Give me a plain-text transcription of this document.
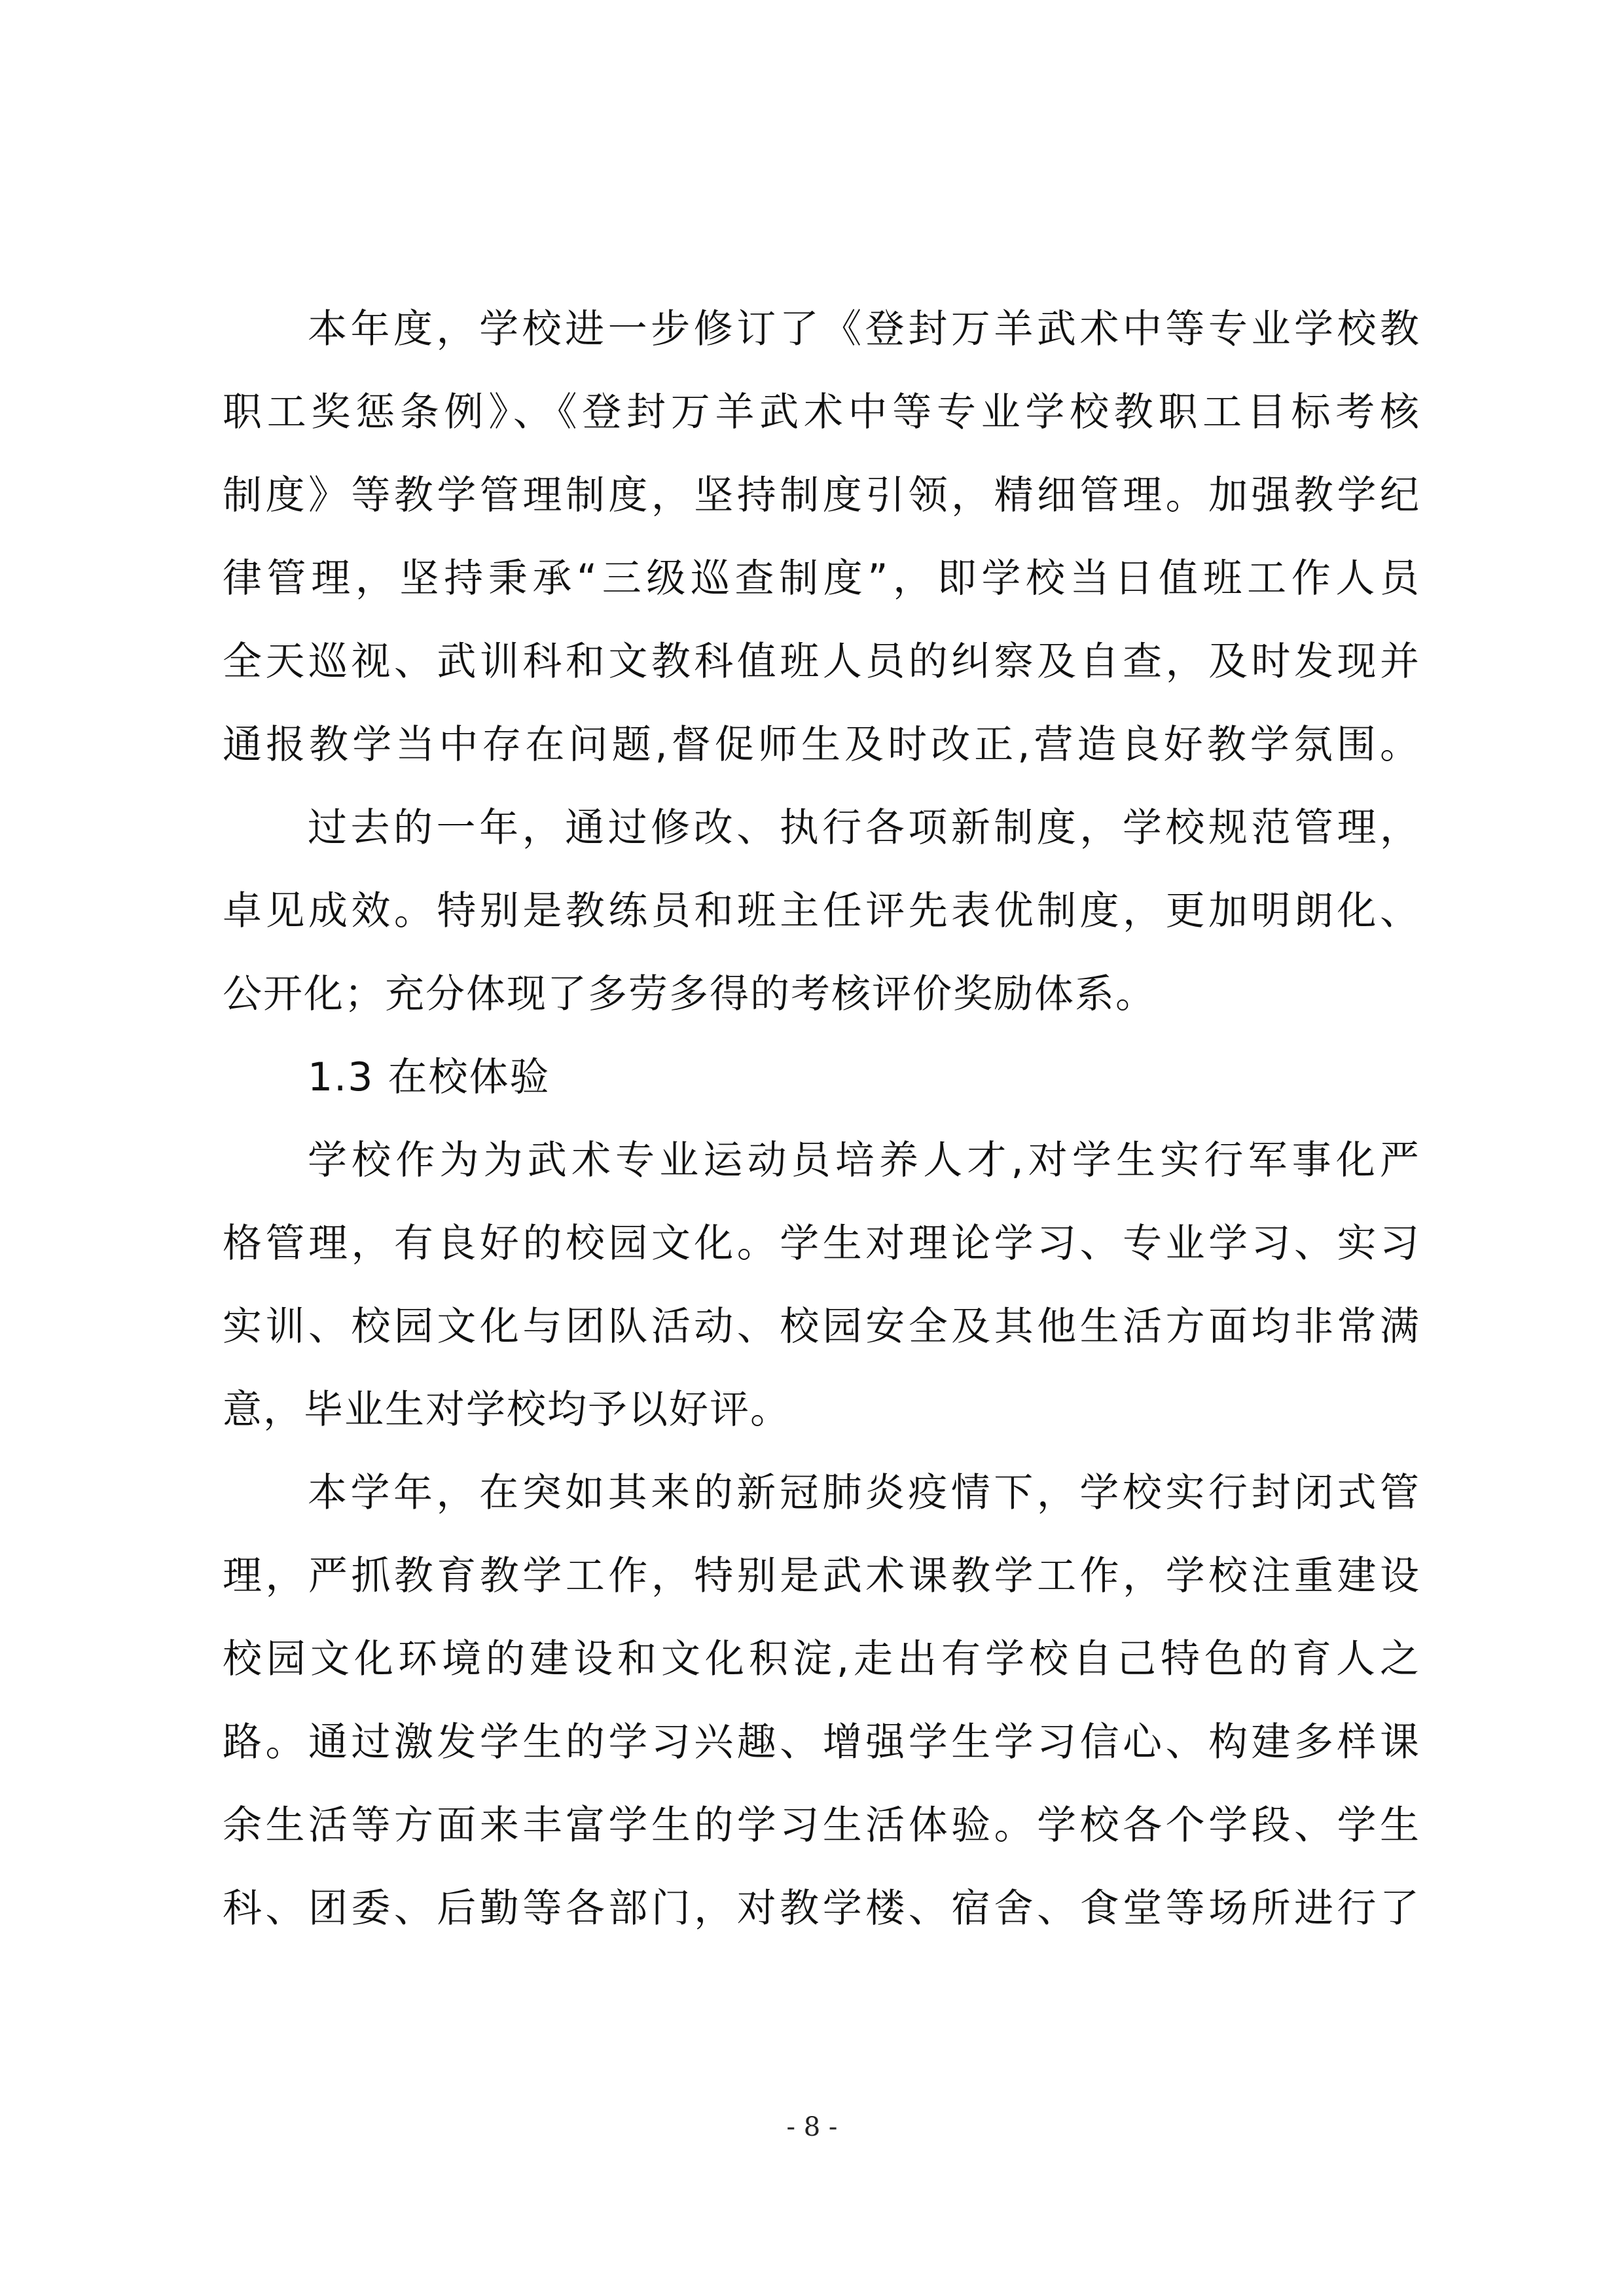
本年度，学校进一步修订了《登封万羊武术中等专业学校教
职工奖惩条例》、《登封万羊武术中等专业学校教职工目标考核
制度》等教学管理制度，坚持制度引领，精细管理。加强教学纪
律管理，坚持秉承“三级巡查制度”，即学校当日值班工作人员
全天巡视、武训科和文教科值班人员的纠察及自查，及时发现并
通报教学当中存在问题,督促师生及时改正,营造良好教学氛围。
过去的一年，通过修改、执行各项新制度，学校规范管理，
卓见成效。特别是教练员和班主任评先表优制度，更加明朗化、
公开化；充分体现了多劳多得的考核评价奖励体系。
1.3 在校体验
学校作为为武术专业运动员培养人才,对学生实行军事化严
格管理，有良好的校园文化。学生对理论学习、专业学习、实习
实训、校园文化与团队活动、校园安全及其他生活方面均非常满
意，毕业生对学校均予以好评。
本学年，在突如其来的新冠肺炎疫情下，学校实行封闭式管
理，严抓教育教学工作，特别是武术课教学工作，学校注重建设
校园文化环境的建设和文化积淀,走出有学校自己特色的育人之
路。通过激发学生的学习兴趣、增强学生学习信心、构建多样课
余生活等方面来丰富学生的学习生活体验。学校各个学段、学生
科、团委、后勤等各部门，对教学楼、宿舍、食堂等场所进行了
- 8 -
